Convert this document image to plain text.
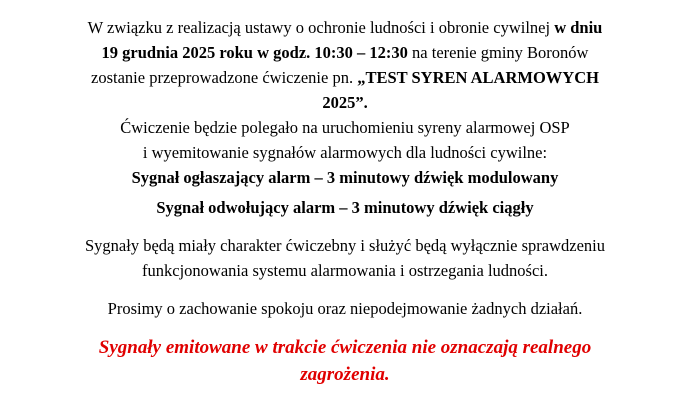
W związku z realizacją ustawy o ochronie ludności i obronie cywilnej w dniu
19 grudnia 2025 roku w godz. 10:30 – 12:30 na terenie gminy Boronów
zostanie przeprowadzone ćwiczenie pn. „TEST SYREN ALARMOWYCH
2025”.
Ćwiczenie będzie polegało na uruchomieniu syreny alarmowej OSP
i wyemitowanie sygnałów alarmowych dla ludności cywilne:
Sygnał ogłaszający alarm – 3 minutowy dźwięk modulowany
Sygnał odwołujący alarm – 3 minutowy dźwięk ciągły
Sygnały będą miały charakter ćwiczebny i służyć będą wyłącznie sprawdzeniu
funkcjonowania systemu alarmowania i ostrzegania ludności.
Prosimy o zachowanie spokoju oraz niepodejmowanie żadnych działań.
Sygnały emitowane w trakcie ćwiczenia nie oznaczają realnego
zagrożenia.
